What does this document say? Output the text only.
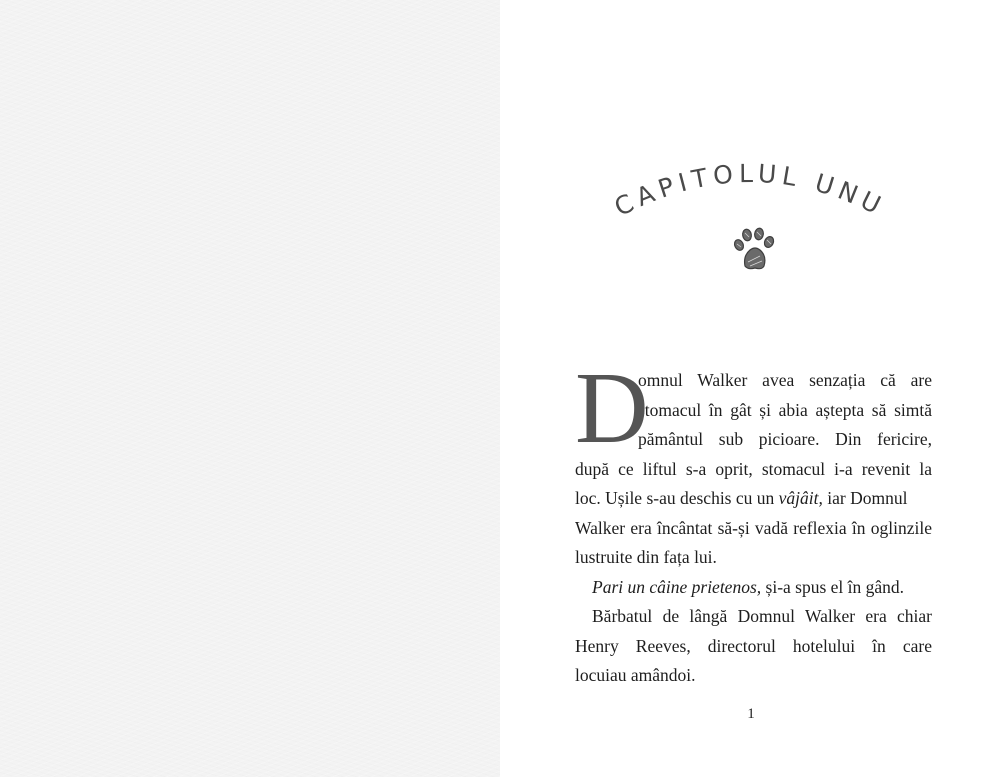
CAPITOLUL UNU
D
omnul Walker avea senzația că are
stomacul în gât și abia aștepta să simtă
pământul sub picioare. Din fericire,
după ce liftul s-a oprit, stomacul i-a revenit la
loc. Ușile s-au deschis cu un vâjâit, iar Domnul
Walker era încântat să-și vadă reflexia în oglinzile
lustruite din fața lui.
Pari un câine prietenos, și-a spus el în gând.
Bărbatul de lângă Domnul Walker era chiar
Henry Reeves, directorul hotelului în care
locuiau amândoi.
1
